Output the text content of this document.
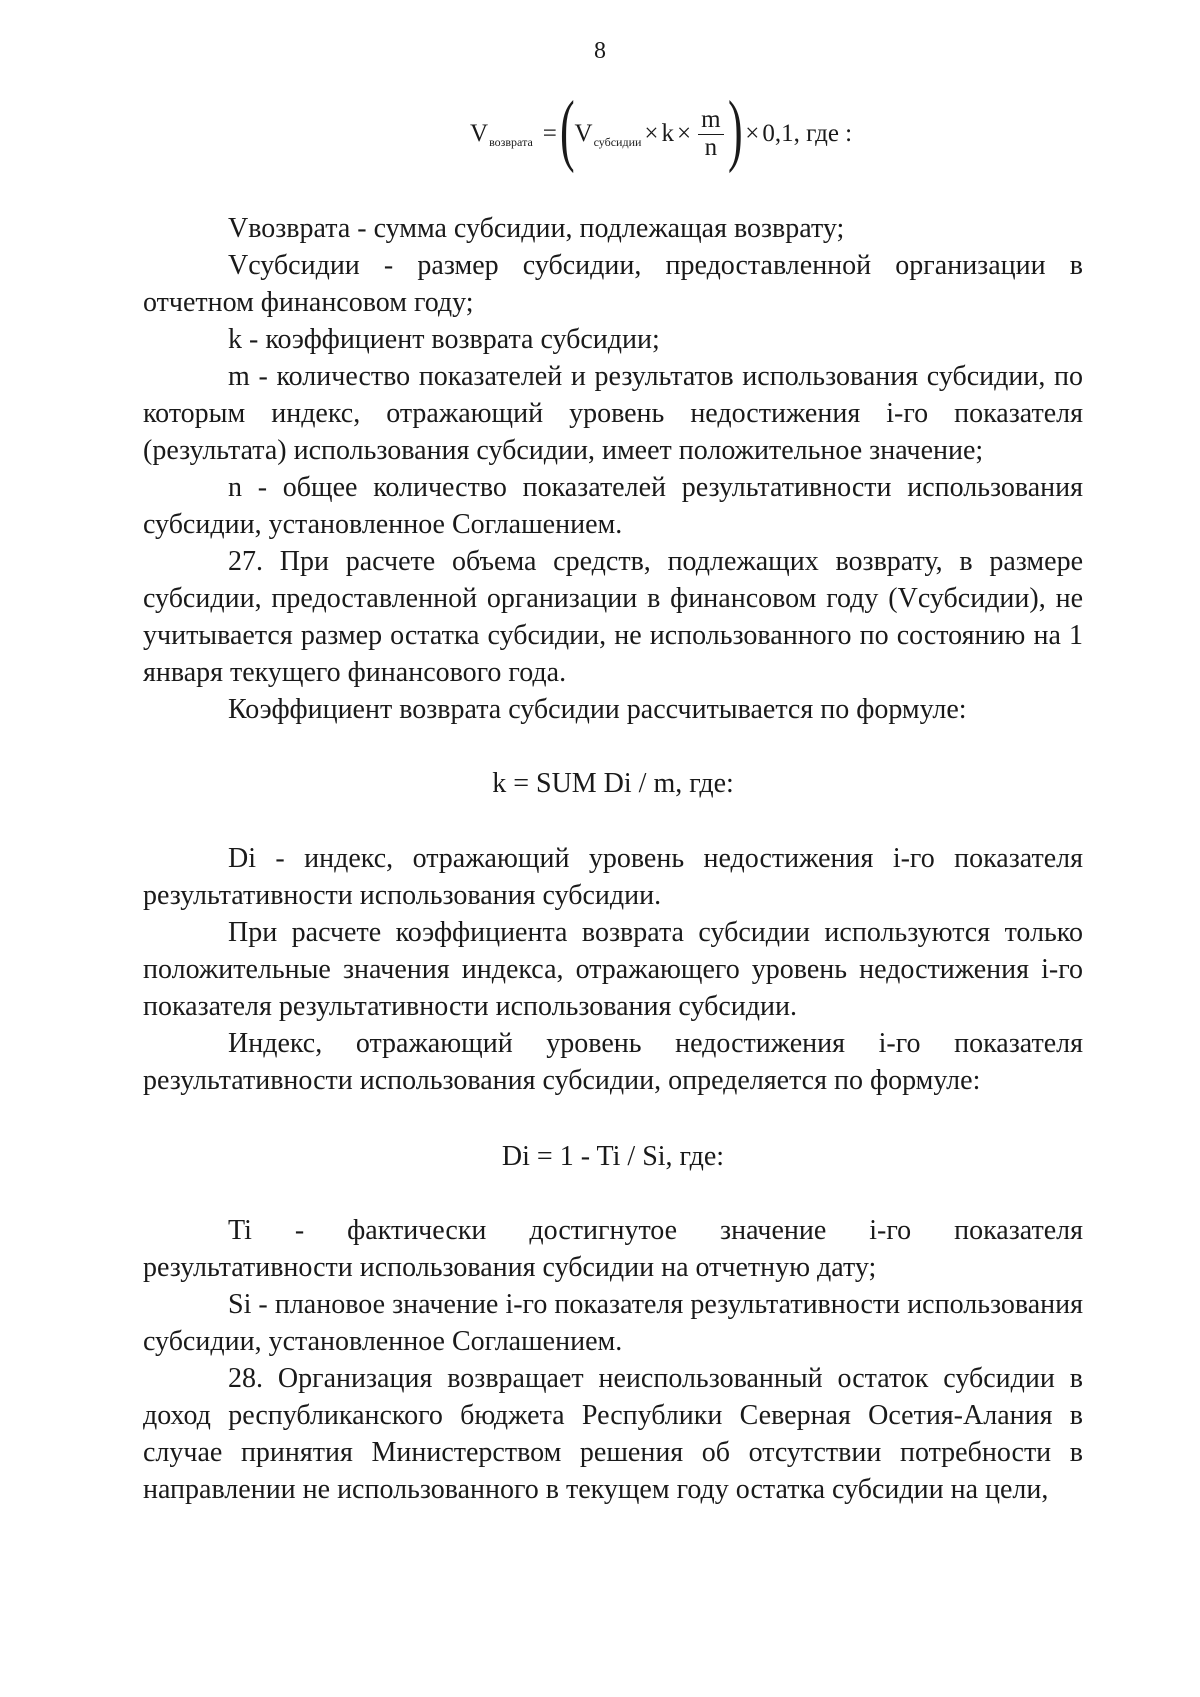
8
V возврата = ( V субсидии × $k \times \frac{m}{n}$ ) × 0,1, где :

Vвозврата - сумма субсидии, подлежащая возврату;

Vсубсидии - размер субсидии, предоставленной организации в отчетном финансовом году;

k - коэффициент возврата субсидии;

m - количество показателей и результатов использования субсидии, по которым индекс, отражающий уровень недостижения i-го показателя (результата) использования субсидии, имеет положительное значение;

n - общее количество показателей результативности использования субсидии, установленное Соглашением.

27. При расчете объема средств, подлежащих возврату, в размере субсидии, предоставленной организации в финансовом году (Vсубсидии), не учитывается размер остатка субсидии, не использованного по состоянию на 1 января текущего финансового года.

Коэффициент возврата субсидии рассчитывается по формуле:

k = SUM Di / m, где:

Di - индекс, отражающий уровень недостижения i-го показателя результативности использования субсидии.

При расчете коэффициента возврата субсидии используются только положительные значения индекса, отражающего уровень недостижения i-го показателя результативности использования субсидии.

Индекс, отражающий уровень недостижения i-го показателя результативности использования субсидии, определяется по формуле:

Di = 1 - Ti / Si, где:

Ti - фактически достигнутое значение i-го показателя результативности использования субсидии на отчетную дату;

Si - плановое значение i-го показателя результативности использования субсидии, установленное Соглашением.

28. Организация возвращает неиспользованный остаток субсидии в доход республиканского бюджета Республики Северная Осетия-Алания в случае принятия Министерством решения об отсутствии потребности в направлении не использованного в текущем году остатка субсидии на цели,
